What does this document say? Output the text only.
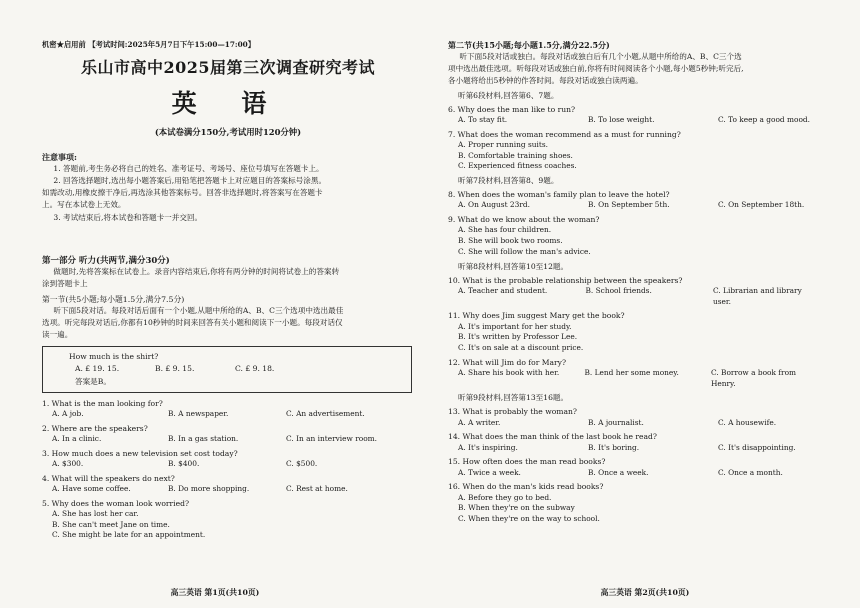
机密★启用前 【考试时间:2025年5月7日下午15:00—17:00】
乐山市高中2025届第三次调查研究考试
英 语
(本试卷满分150分,考试用时120分钟)
注意事项:
1. 答题前,考生务必将自己的姓名、准考证号、考场号、座位号填写在答题卡上。
2. 回答选择题时,选出每小题答案后,用铅笔把答题卡上对应题目的答案标号涂黑。
如需改动,用橡皮擦干净后,再选涂其他答案标号。回答非选择题时,将答案写在答题卡
上。写在本试卷上无效。
3. 考试结束后,将本试卷和答题卡一并交回。
第一部分 听力(共两节,满分30分)
做题时,先将答案标在试卷上。录音内容结束后,你将有两分钟的时间将试卷上的答案转
涂到答题卡上
第一节(共5小题;每小题1.5分,满分7.5分)
听下面5段对话。每段对话后面有一个小题,从题中所给的A、B、C三个选项中选出最佳
选项。听完每段对话后,你都有10秒钟的时间来回答有关小题和阅读下一小题。每段对话仅
读一遍。
How much is the shirt?
A. £ 19. 15.	B. £ 9. 15.	C. £ 9. 18.
答案是B。
1. What is the man looking for?
A. A job.	B. A newspaper.	C. An advertisement.
2. Where are the speakers?
A. In a clinic.	B. In a gas station.	C. In an interview room.
3. How much does a new television set cost today?
A. $300.	B. $400.	C. $500.
4. What will the speakers do next?
A. Have some coffee.	B. Do more shopping.	C. Rest at home.
5. Why does the woman look worried?
A. She has lost her car.
B. She can't meet Jane on time.
C. She might be late for an appointment.
高三英语 第1页(共10页)
第二节(共15小题;每小题1.5分,满分22.5分)
听下面5段对话或独白。每段对话或独白后有几个小题,从题中所给的A、B、C三个选
项中选出最佳选项。听每段对话或独白前,你将有时间阅读各个小题,每小题5秒钟;听完后,
各小题将给出5秒钟的作答时间。每段对话或独白读两遍。
听第6段材料,回答第6、7题。
6. Why does the man like to run?
A. To stay fit.	B. To lose weight.	C. To keep a good mood.
7. What does the woman recommend as a must for running?
A. Proper running suits.
B. Comfortable training shoes.
C. Experienced fitness coaches.
听第7段材料,回答第8、9题。
8. When does the woman's family plan to leave the hotel?
A. On August 23rd.	B. On September 5th.	C. On September 18th.
9. What do we know about the woman?
A. She has four children.
B. She will book two rooms.
C. She will follow the man's advice.
听第8段材料,回答第10至12题。
10. What is the probable relationship between the speakers?
A. Teacher and student.	B. School friends.	C. Librarian and library user.
11. Why does Jim suggest Mary get the book?
A. It's important for her study.
B. It's written by Professor Lee.
C. It's on sale at a discount price.
12. What will Jim do for Mary?
A. Share his book with her.	B. Lend her some money.	C. Borrow a book from Henry.
听第9段材料,回答第13至16题。
13. What is probably the woman?
A. A writer.	B. A journalist.	C. A housewife.
14. What does the man think of the last book he read?
A. It's inspiring.	B. It's boring.	C. It's disappointing.
15. How often does the man read books?
A. Twice a week.	B. Once a week.	C. Once a month.
16. When do the man's kids read books?
A. Before they go to bed.
B. When they're on the subway
C. When they're on the way to school.
高三英语 第2页(共10页)
